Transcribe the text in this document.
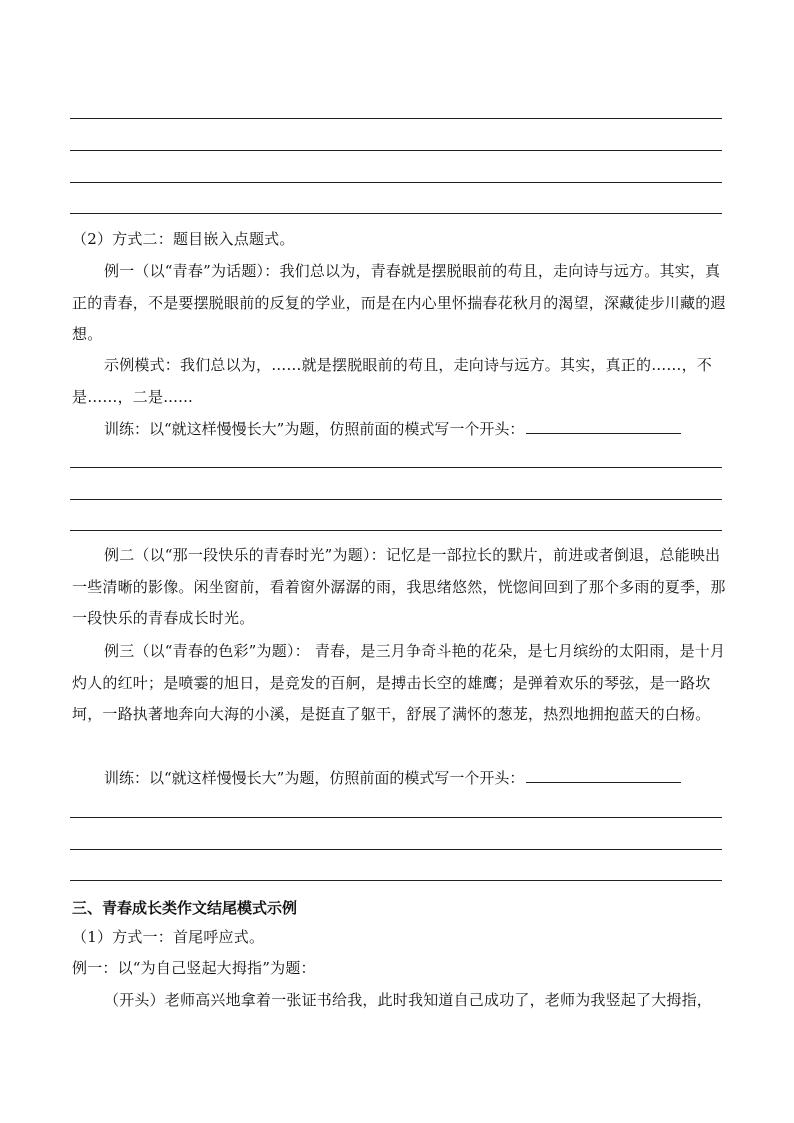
（2）方式二：题目嵌入点题式。
例一（以“青春”为话题）：我们总以为，青春就是摆脱眼前的苟且，走向诗与远方。其实，真正的青春，不是要摆脱眼前的反复的学业，而是在内心里怀揣春花秋月的渴望，深藏徒步川藏的遐想。
示例模式：我们总以为，……就是摆脱眼前的苟且，走向诗与远方。其实，真正的……，不是……，二是......
训练：以“就这样慢慢长大”为题，仿照前面的模式写一个开头：
例二（以“那一段快乐的青春时光”为题）：记忆是一部拉长的默片，前进或者倒退，总能映出一些清晰的影像。闲坐窗前，看着窗外潺潺的雨，我思绪悠然，恍惚间回到了那个多雨的夏季，那一段快乐的青春成长时光。
例三（以“青春的色彩”为题）： 青春，是三月争奇斗艳的花朵，是七月缤纷的太阳雨，是十月灼人的红叶；是喷霎的旭日，是竞发的百舸，是搏击长空的雄鹰；是弹着欢乐的琴弦，是一路坎坷，一路执著地奔向大海的小溪，是挺直了躯干，舒展了满怀的葱茏，热烈地拥抱蓝天的白杨。
训练：以“就这样慢慢长大”为题，仿照前面的模式写一个开头：
三、青春成长类作文结尾模式示例
（1）方式一：首尾呼应式。
例一：以“为自己竖起大拇指”为题：
（开头）老师高兴地拿着一张证书给我，此时我知道自己成功了，老师为我竖起了大拇指，
